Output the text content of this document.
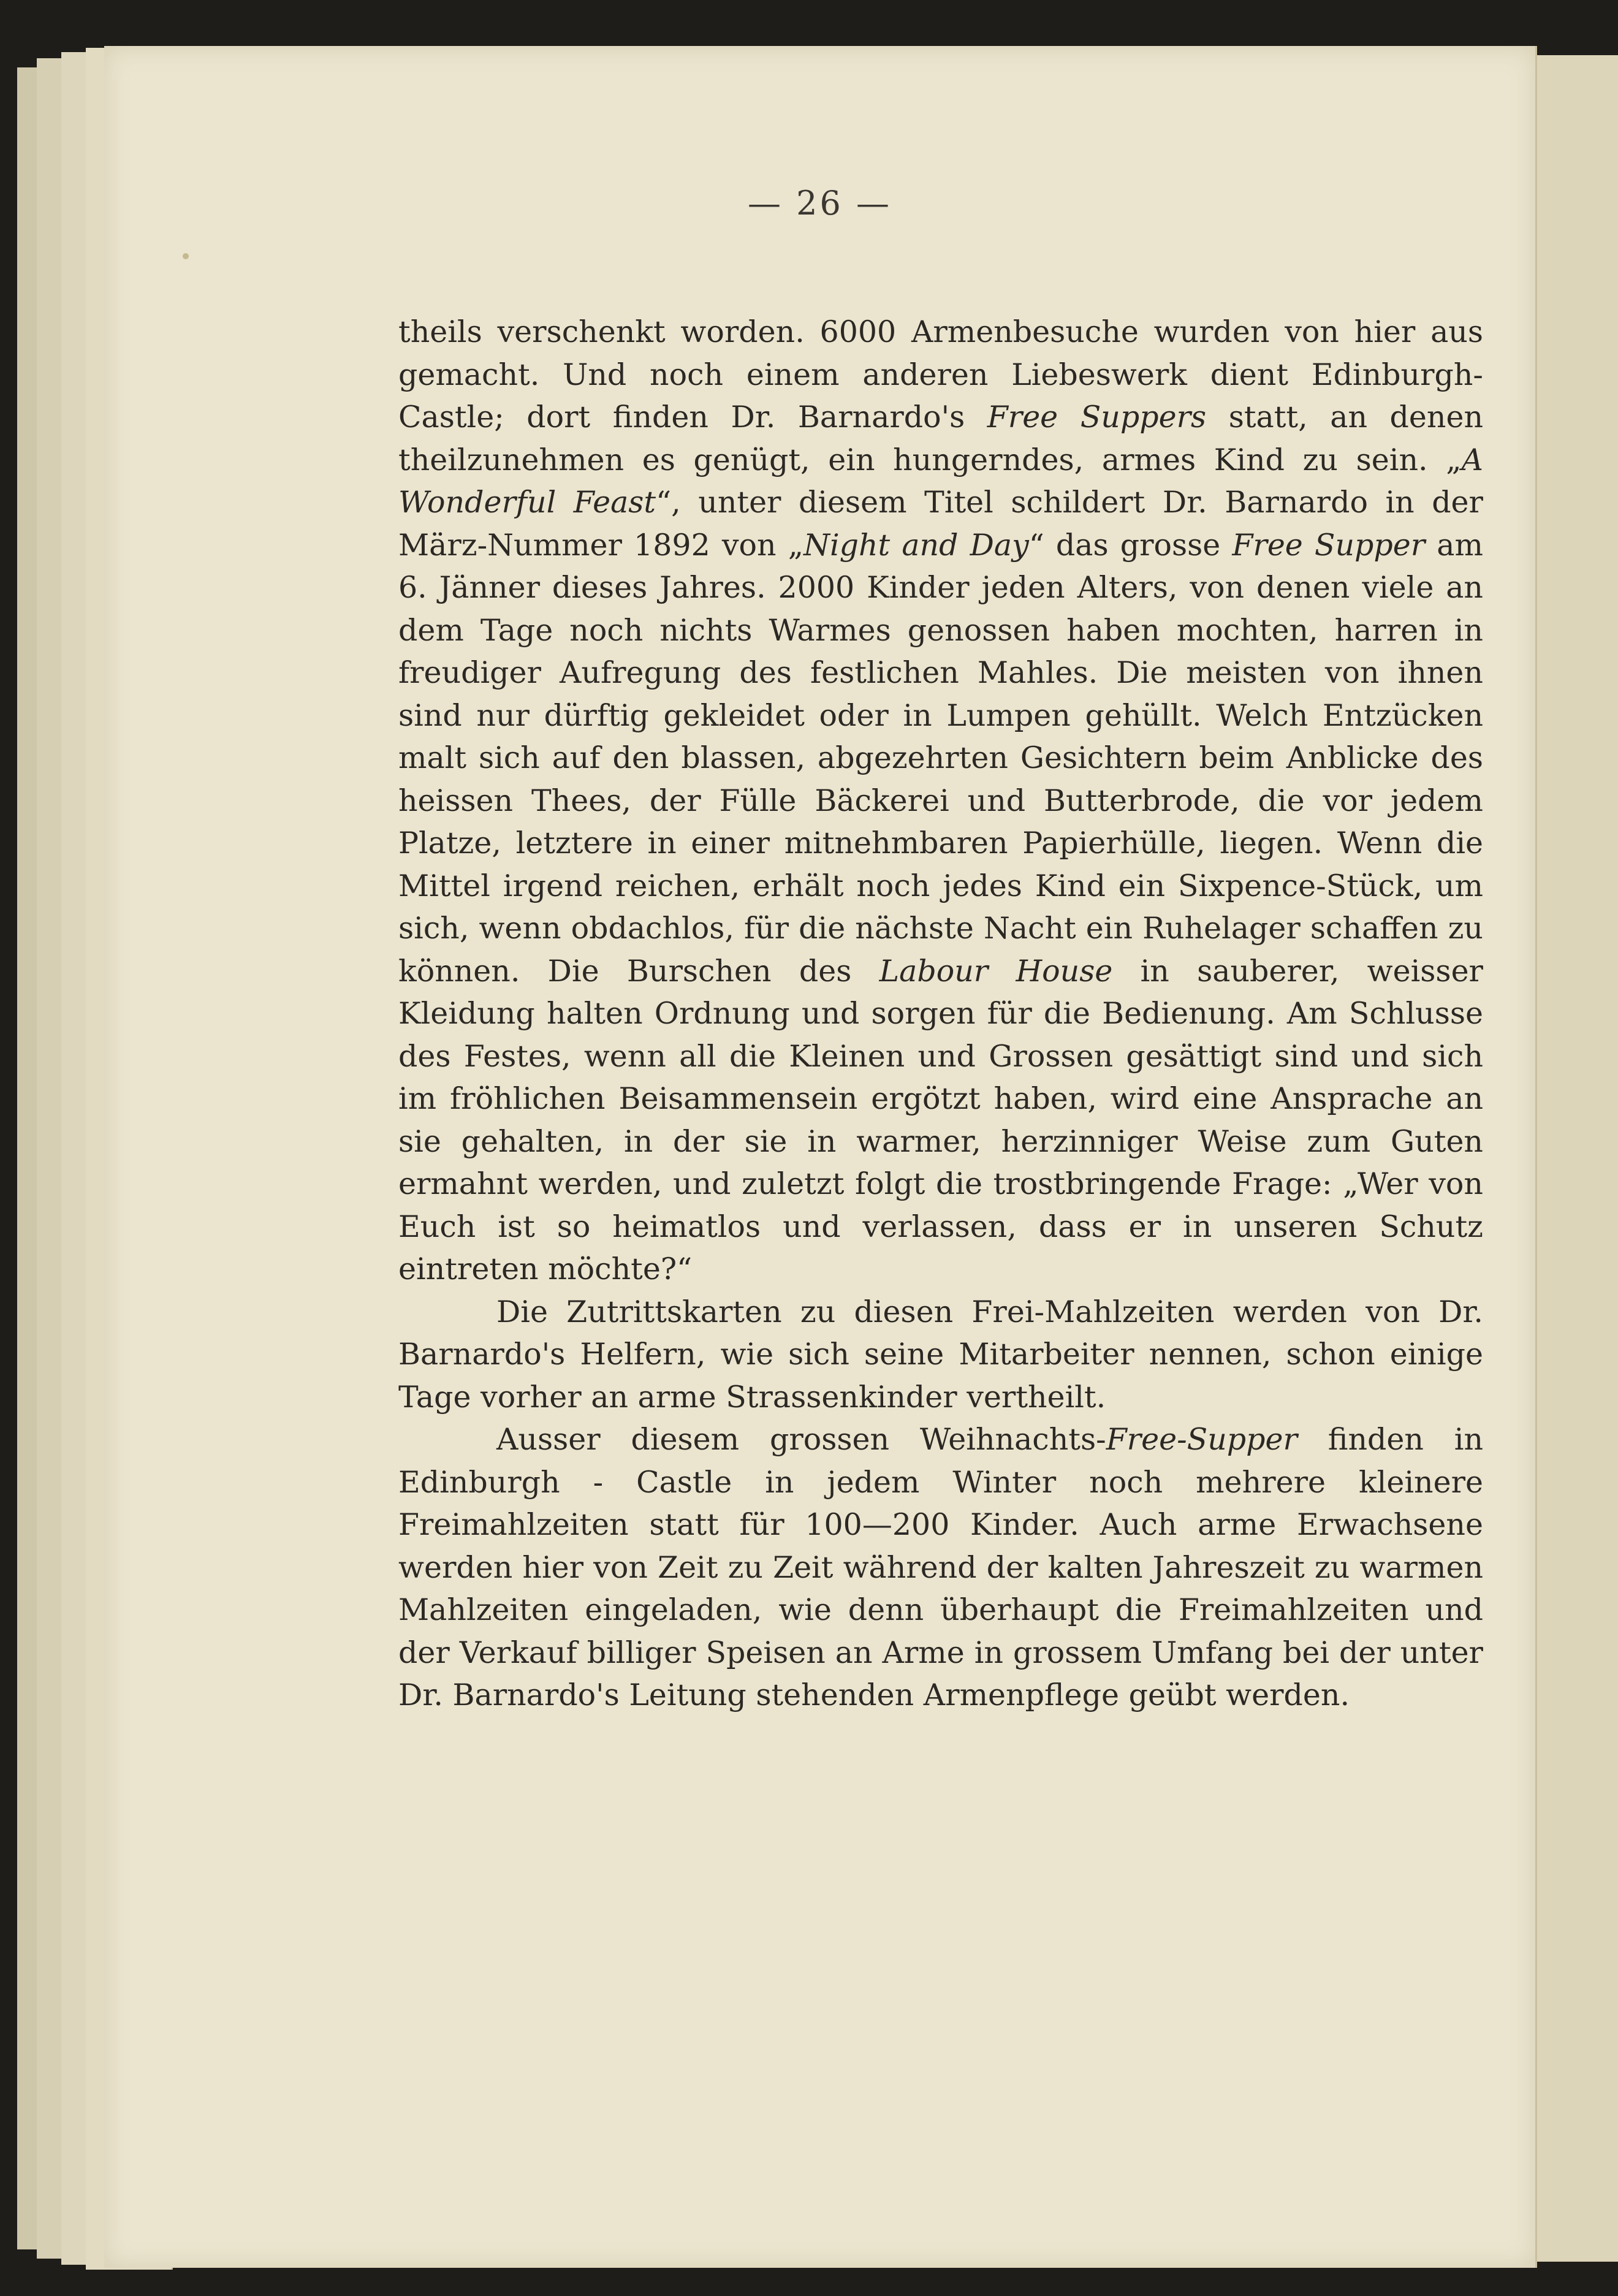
— 26 —

theils verschenkt worden. 6000 Armenbesuche wurden von hier aus gemacht. Und noch einem anderen Liebeswerk dient Edinburgh-Castle; dort finden Dr. Barnardo's Free Suppers statt, an denen theilzunehmen es genügt, ein hungerndes, armes Kind zu sein. „A Wonderful Feast“, unter diesem Titel schildert Dr. Barnardo in der März-Nummer 1892 von „Night and Day“ das grosse Free Supper am 6. Jänner dieses Jahres. 2000 Kinder jeden Alters, von denen viele an dem Tage noch nichts Warmes genossen haben mochten, harren in freudiger Aufregung des festlichen Mahles. Die meisten von ihnen sind nur dürftig gekleidet oder in Lumpen gehüllt. Welch Entzücken malt sich auf den blassen, abgezehrten Gesichtern beim Anblicke des heissen Thees, der Fülle Bäckerei und Butterbrode, die vor jedem Platze, letztere in einer mitnehmbaren Papierhülle, liegen. Wenn die Mittel irgend reichen, erhält noch jedes Kind ein Sixpence-Stück, um sich, wenn obdachlos, für die nächste Nacht ein Ruhelager schaffen zu können. Die Burschen des Labour House in sauberer, weisser Kleidung halten Ordnung und sorgen für die Bedienung. Am Schlusse des Festes, wenn all die Kleinen und Grossen gesättigt sind und sich im fröhlichen Beisammensein ergötzt haben, wird eine Ansprache an sie gehalten, in der sie in warmer, herzinniger Weise zum Guten ermahnt werden, und zuletzt folgt die trostbringende Frage: „Wer von Euch ist so heimatlos und verlassen, dass er in unseren Schutz eintreten möchte?“

Die Zutrittskarten zu diesen Frei-Mahlzeiten werden von Dr. Barnardo's Helfern, wie sich seine Mitarbeiter nennen, schon einige Tage vorher an arme Strassenkinder vertheilt.

Ausser diesem grossen Weihnachts-Free-Supper finden in Edinburgh - Castle in jedem Winter noch mehrere kleinere Freimahlzeiten statt für 100—200 Kinder. Auch arme Erwachsene werden hier von Zeit zu Zeit während der kalten Jahreszeit zu warmen Mahlzeiten eingeladen, wie denn überhaupt die Freimahlzeiten und der Verkauf billiger Speisen an Arme in grossem Umfang bei der unter Dr. Barnardo's Leitung stehenden Armenpflege geübt werden.
